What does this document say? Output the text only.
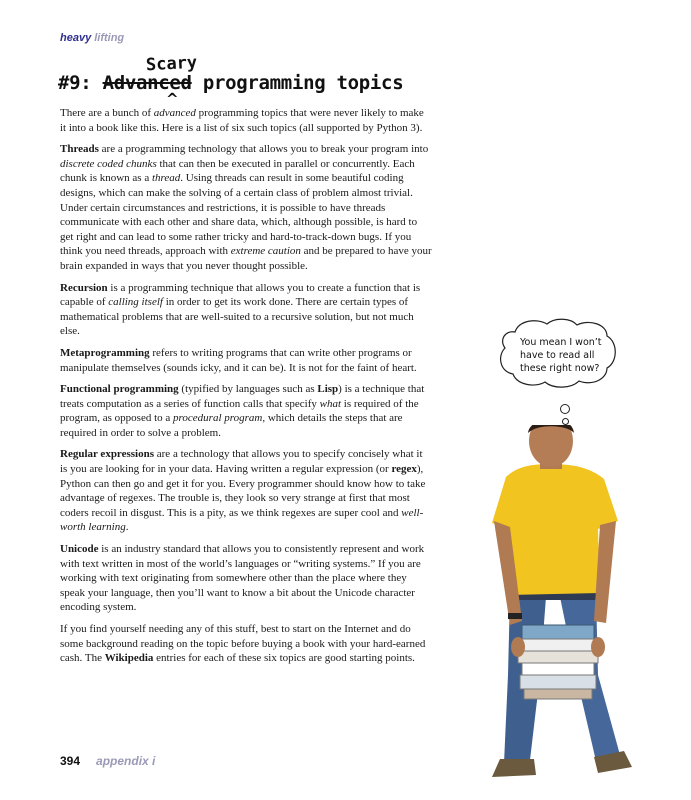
heavy lifting
Scary
^
#9: Advanced programming topics

There are a bunch of advanced programming topics that were never likely to make it into a book like this. Here is a list of six such topics (all supported by Python 3).

Threads are a programming technology that allows you to break your program into discrete coded chunks that can then be executed in parallel or concurrently. Each chunk is known as a thread. Using threads can result in some beautiful coding designs, which can make the solving of a certain class of problem almost trivial. Under certain circumstances and restrictions, it is possible to have threads communicate with each other and share data, which, although possible, is hard to get right and can lead to some rather tricky and hard-to-track-down bugs. If you think you need threads, approach with extreme caution and be prepared to have your brain expanded in ways that you never thought possible.

Recursion is a programming technique that allows you to create a function that is capable of calling itself in order to get its work done. There are certain types of mathematical problems that are well-suited to a recursive solution, but not much else.

Metaprogramming refers to writing programs that can write other programs or manipulate themselves (sounds icky, and it can be). It is not for the faint of heart.

Functional programming (typified by languages such as Lisp) is a technique that treats computation as a series of function calls that specify what is required of the program, as opposed to a procedural program, which details the steps that are required in order to solve a problem.

Regular expressions are a technology that allows you to specify concisely what it is you are looking for in your data. Having written a regular expression (or regex), Python can then go and get it for you. Every programmer should know how to take advantage of regexes. The trouble is, they look so very strange at first that most coders recoil in disgust. This is a pity, as we think regexes are super cool and well-worth learning.

Unicode is an industry standard that allows you to consistently represent and work with text written in most of the world’s languages or “writing systems.” If you are working with text originating from somewhere other than the place where they speak your language, then you’ll want to know a bit about the Unicode character encoding system.

If you find yourself needing any of this stuff, best to start on the Internet and do some background reading on the topic before buying a book with your hard-earned cash. The Wikipedia entries for each of these six topics are good starting points.

You mean I won’t have to read all these right now?
394 appendix i
